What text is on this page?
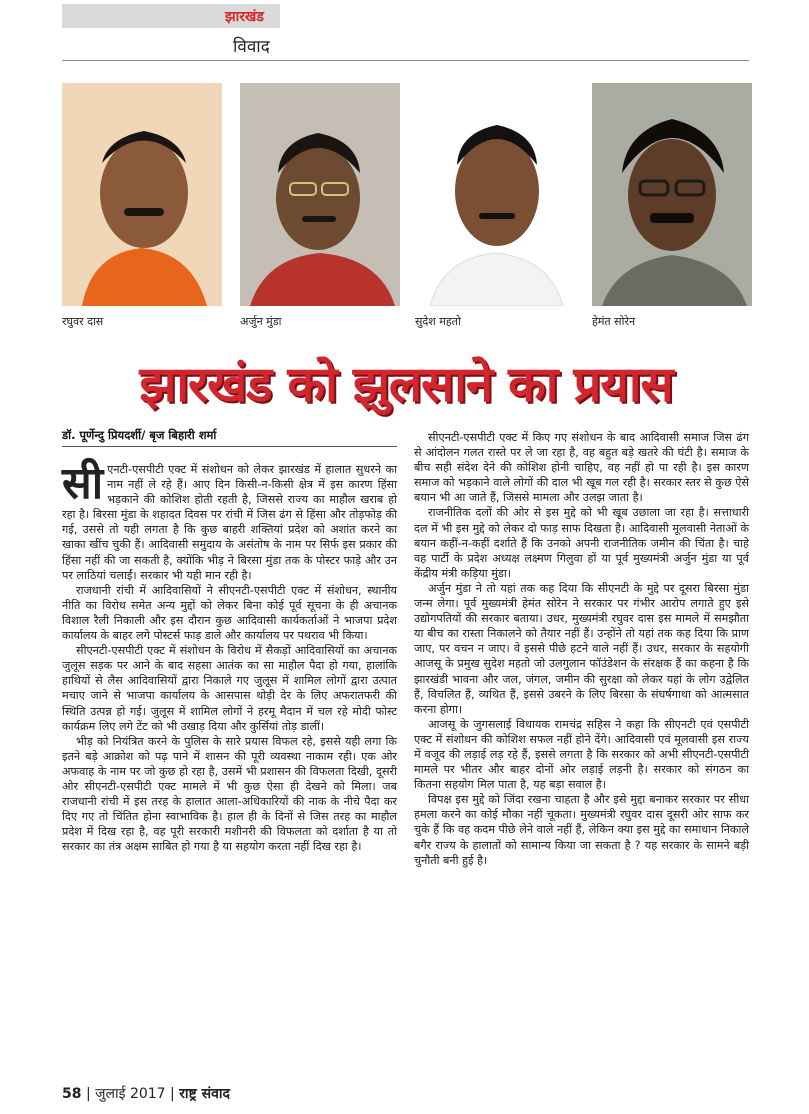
झारखंड
विवाद
रघुवर दास	अर्जुन मुंडा	सुदेश महतो	हेमंत सोरेन
झारखंड को झुलसाने का प्रयास
डॉ. पूर्णेन्दु प्रियदर्शी/ बृज बिहारी शर्मा

सीएनटी-एसपीटी एक्ट में संशोधन को लेकर झारखंड में हालात सुधरने का नाम नहीं ले रहे हैं। आए दिन किसी-न-किसी क्षेत्र में इस कारण हिंसा भड़काने की कोशिश होती रहती है, जिससे राज्य का माहौल खराब हो रहा है। बिरसा मुंडा के शहादत दिवस पर रांची में जिस ढंग से हिंसा और तोड़फोड़ की गई, उससे तो यही लगता है कि कुछ बाहरी शक्तियां प्रदेश को अशांत करने का खाका खींच चुकी हैं। आदिवासी समुदाय के असंतोष के नाम पर सिर्फ इस प्रकार की हिंसा नहीं की जा सकती है, क्योंकि भीड़ ने बिरसा मुंडा तक के पोस्टर फाड़े और उन पर लाठियां चलाईं। सरकार भी यही मान रही है।

राजधानी रांची में आदिवासियों ने सीएनटी-एसपीटी एक्ट में संशोधन, स्थानीय नीति का विरोध समेत अन्य मुद्दों को लेकर बिना कोई पूर्व सूचना के ही अचानक विशाल रैली निकाली और इस दौरान कुछ आदिवासी कार्यकर्ताओं ने भाजपा प्रदेश कार्यालय के बाहर लगे पोस्टर्स फाड़ डाले और कार्यालय पर पथराव भी किया।

सीएनटी-एसपीटी एक्ट में संशोधन के विरोध में सैकड़ों आदिवासियों का अचानक जुलूस सड़क पर आने के बाद सहसा आतंक का सा माहौल पैदा हो गया, हालांकि हाथियों से लैस आदिवासियों द्वारा निकाले गए जुलूस में शामिल लोगों द्वारा उत्पात मचाए जाने से भाजपा कार्यालय के आसपास थोड़ी देर के लिए अफरातफरी की स्थिति उत्पन्न हो गई। जुलूस में शामिल लोगों ने हरमू मैदान में चल रहे मोदी फोस्ट कार्यक्रम लिए लगे टेंट को भी उखाड़ दिया और कुर्सियां तोड़ डालीं।

भीड़ को नियंत्रित करने के पुलिस के सारे प्रयास विफल रहे, इससे यही लगा कि इतने बड़े आक्रोश को पढ़ पाने में शासन की पूरी व्यवस्था नाकाम रही। एक ओर अफवाह के नाम पर जो कुछ हो रहा है, उसमें भी प्रशासन की विफलता दिखी, दूसरी ओर सीएनटी-एसपीटी एक्ट मामले में भी कुछ ऐसा ही देखने को मिला। जब राजधानी रांची में इस तरह के हालात आला-अधिकारियों की नाक के नीचे पैदा कर दिए गए तो चिंतित होना स्वाभाविक है। हाल ही के दिनों से जिस तरह का माहौल प्रदेश में दिख रहा है, वह पूरी सरकारी मशीनरी की विफलता को दर्शाता है या तो सरकार का तंत्र अक्षम साबित हो गया है या सहयोग करता नहीं दिख रहा है।

सीएनटी-एसपीटी एक्ट में किए गए संशोधन के बाद आदिवासी समाज जिस ढंग से आंदोलन गलत रास्ते पर ले जा रहा है, वह बहुत बड़े खतरे की घंटी है। समाज के बीच सही संदेश देने की कोशिश होनी चाहिए, वह नहीं हो पा रही है। इस कारण समाज को भड़काने वाले लोगों की दाल भी खूब गल रही है। सरकार स्तर से कुछ ऐसे बयान भी आ जाते हैं, जिससे मामला और उलझ जाता है।

राजनीतिक दलों की ओर से इस मुद्दे को भी खूब उछाला जा रहा है। सत्ताधारी दल में भी इस मुद्दे को लेकर दो फाड़ साफ दिखता है। आदिवासी मूलवासी नेताओं के बयान कहीं-न-कहीं दर्शाते हैं कि उनको अपनी राजनीतिक जमीन की चिंता है। चाहे वह पार्टी के प्रदेश अध्यक्ष लक्ष्मण गिलुवा हों या पूर्व मुख्यमंत्री अर्जुन मुंडा या पूर्व केंद्रीय मंत्री कड़िया मुंडा।

अर्जुन मुंडा ने तो यहां तक कह दिया कि सीएनटी के मुद्दे पर दूसरा बिरसा मुंडा जन्म लेगा। पूर्व मुख्यमंत्री हेमंत सोरेन ने सरकार पर गंभीर आरोप लगाते हुए इसे उद्योगपतियों की सरकार बताया। उधर, मुख्यमंत्री रघुवर दास इस मामले में समझौता या बीच का रास्ता निकालने को तैयार नहीं हैं। उन्होंने तो यहां तक कह दिया कि प्राण जाए, पर वचन न जाए। वे इससे पीछे हटने वाले नहीं हैं। उधर, सरकार के सहयोगी आजसू के प्रमुख सुदेश महतो जो उलगुलान फॉउंडेशन के संरक्षक हैं का कहना है कि झारखंडी भावना और जल, जंगल, जमीन की सुरक्षा को लेकर यहां के लोग उद्वेलित हैं, विचलित हैं, व्यथित हैं, इससे उबरने के लिए बिरसा के संघर्षगाथा को आत्मसात करना होगा।

आजसू के जुगसलाई विधायक रामचंद्र सहिस ने कहा कि सीएनटी एवं एसपीटी एक्ट में संशोधन की कोशिश सफल नहीं होने देंगे। आदिवासी एवं मूलवासी इस राज्य में वजूद की लड़ाई लड़ रहे हैं, इससे लगता है कि सरकार को अभी सीएनटी-एसपीटी मामले पर भीतर और बाहर दोनों ओर लड़ाई लड़नी है। सरकार को संगठन का कितना सहयोग मिल पाता है, यह बड़ा सवाल है।

विपक्ष इस मुद्दे को जिंदा रखना चाहता है और इसे मुद्दा बनाकर सरकार पर सीधा हमला करने का कोई मौका नहीं चूकता। मुख्यमंत्री रघुवर दास दूसरी ओर साफ कर चुके हैं कि वह कदम पीछे लेने वाले नहीं हैं, लेकिन क्या इस मुद्दे का समाधान निकाले बगैर राज्य के हालातों को सामान्य किया जा सकता है ? यह सरकार के सामने बड़ी चुनौती बनी हुई है।

58 | जुलाई 2017 | राष्ट्र संवाद
